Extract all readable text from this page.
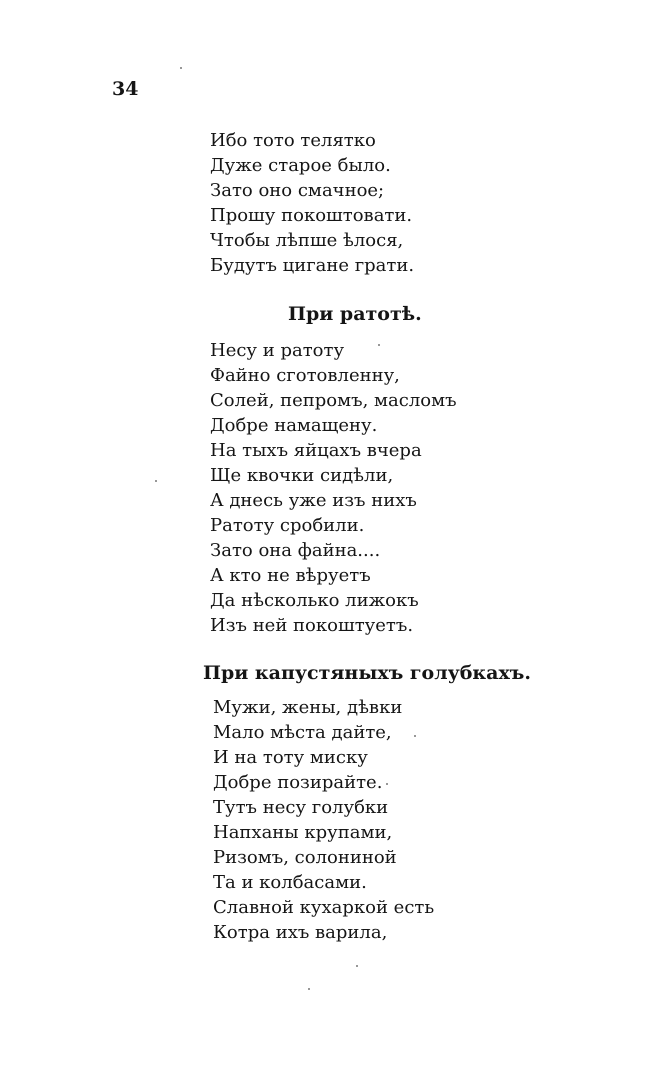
34
Ибо тото телятко
Дуже старое было.
Зато оно смачное;
Прошу покоштовати.
Чтобы лѣпше ѣлося,
Будутъ цигане грати.
При ратотѣ.
Несу и ратоту
Файно сготовленну,
Солей, пепромъ, масломъ
Добре намащену.
На тыхъ яйцахъ вчера
Ще квочки сидѣли,
А днесь уже изъ нихъ
Ратоту сробили.
Зато она файна....
А кто не вѣруетъ
Да нѣсколько лижокъ
Изъ ней покоштуетъ.
При капустяныхъ голубкахъ.
Мужи, жены, дѣвки
Мало мѣста дайте,
И на тоту миску
Добре позирайте.
Тутъ несу голубки
Напханы крупами,
Ризомъ, солониной
Та и колбасами.
Славной кухаркой есть
Котра ихъ варила,
